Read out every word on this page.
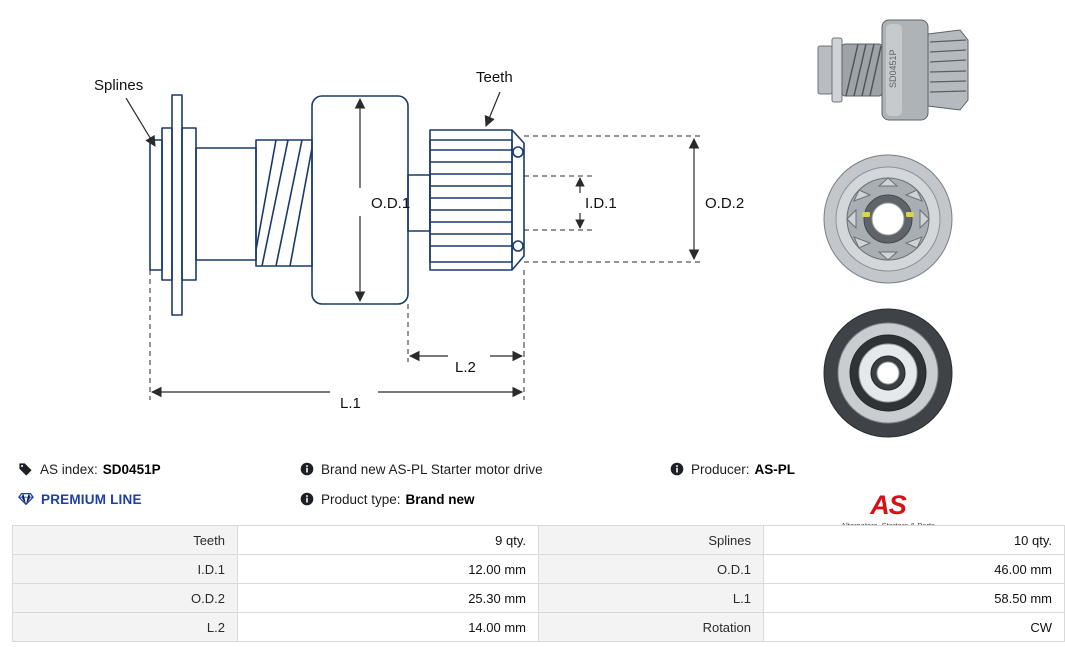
Splines	Teeth
O.D.1	I.D.1	O.D.2
L.1
L.2
SD0451P
AS index: SD0451P	Brand new AS-PL Starter motor drive	Producer: AS-PL
PREMIUM LINE	Product type: Brand new	AS
Teeth	9 qty.	Splines	10 qty.
I.D.1	12.00 mm	O.D.1	46.00 mm
O.D.2	25.30 mm	L.1	58.50 mm
L.2	14.00 mm	Rotation	CW
